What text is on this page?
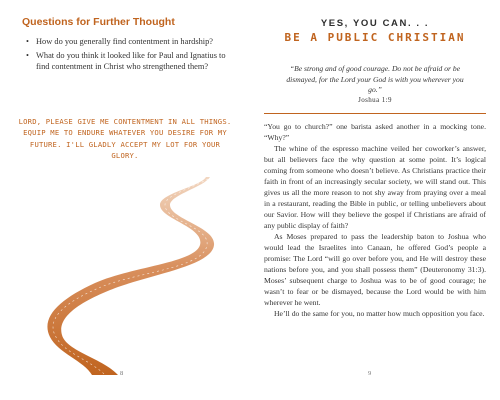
Questions for Further Thought
• How do you generally find contentment in hardship?
• What do you think it looked like for Paul and Ignatius to find contentment in Christ who strengthened them?

LORD, PLEASE GIVE ME CONTENTMENT IN ALL THINGS. EQUIP ME TO ENDURE WHATEVER YOU DESIRE FOR MY FUTURE. I'LL GLADLY ACCEPT MY LOT FOR YOUR GLORY.

8
YES, YOU CAN. . .
BE A PUBLIC CHRISTIAN
“Be strong and of good courage. Do not be afraid or be dismayed, for the Lord your God is with you wherever you go.”
Joshua 1:9

“You go to church?” one barista asked another in a mocking tone. “Why?”

The whine of the espresso machine veiled her coworker’s answer, but all believers face the why question at some point. It’s logical coming from someone who doesn’t believe. As Christians practice their faith in front of an increasingly secular society, we will stand out. This gives us all the more reason to not shy away from praying over a meal in a restaurant, reading the Bible in public, or telling unbelievers about our Savior. How will they believe the gospel if Christians are afraid of any public display of faith?

As Moses prepared to pass the leadership baton to Joshua who would lead the Israelites into Canaan, he offered God’s people a promise: The Lord “will go over before you, and He will destroy these nations before you, and you shall possess them” (Deuteronomy 31:3). Moses’ subsequent charge to Joshua was to be of good courage; he wasn’t to fear or be dismayed, because the Lord would be with him wherever he went.

He’ll do the same for you, no matter how much opposition you face.

9
